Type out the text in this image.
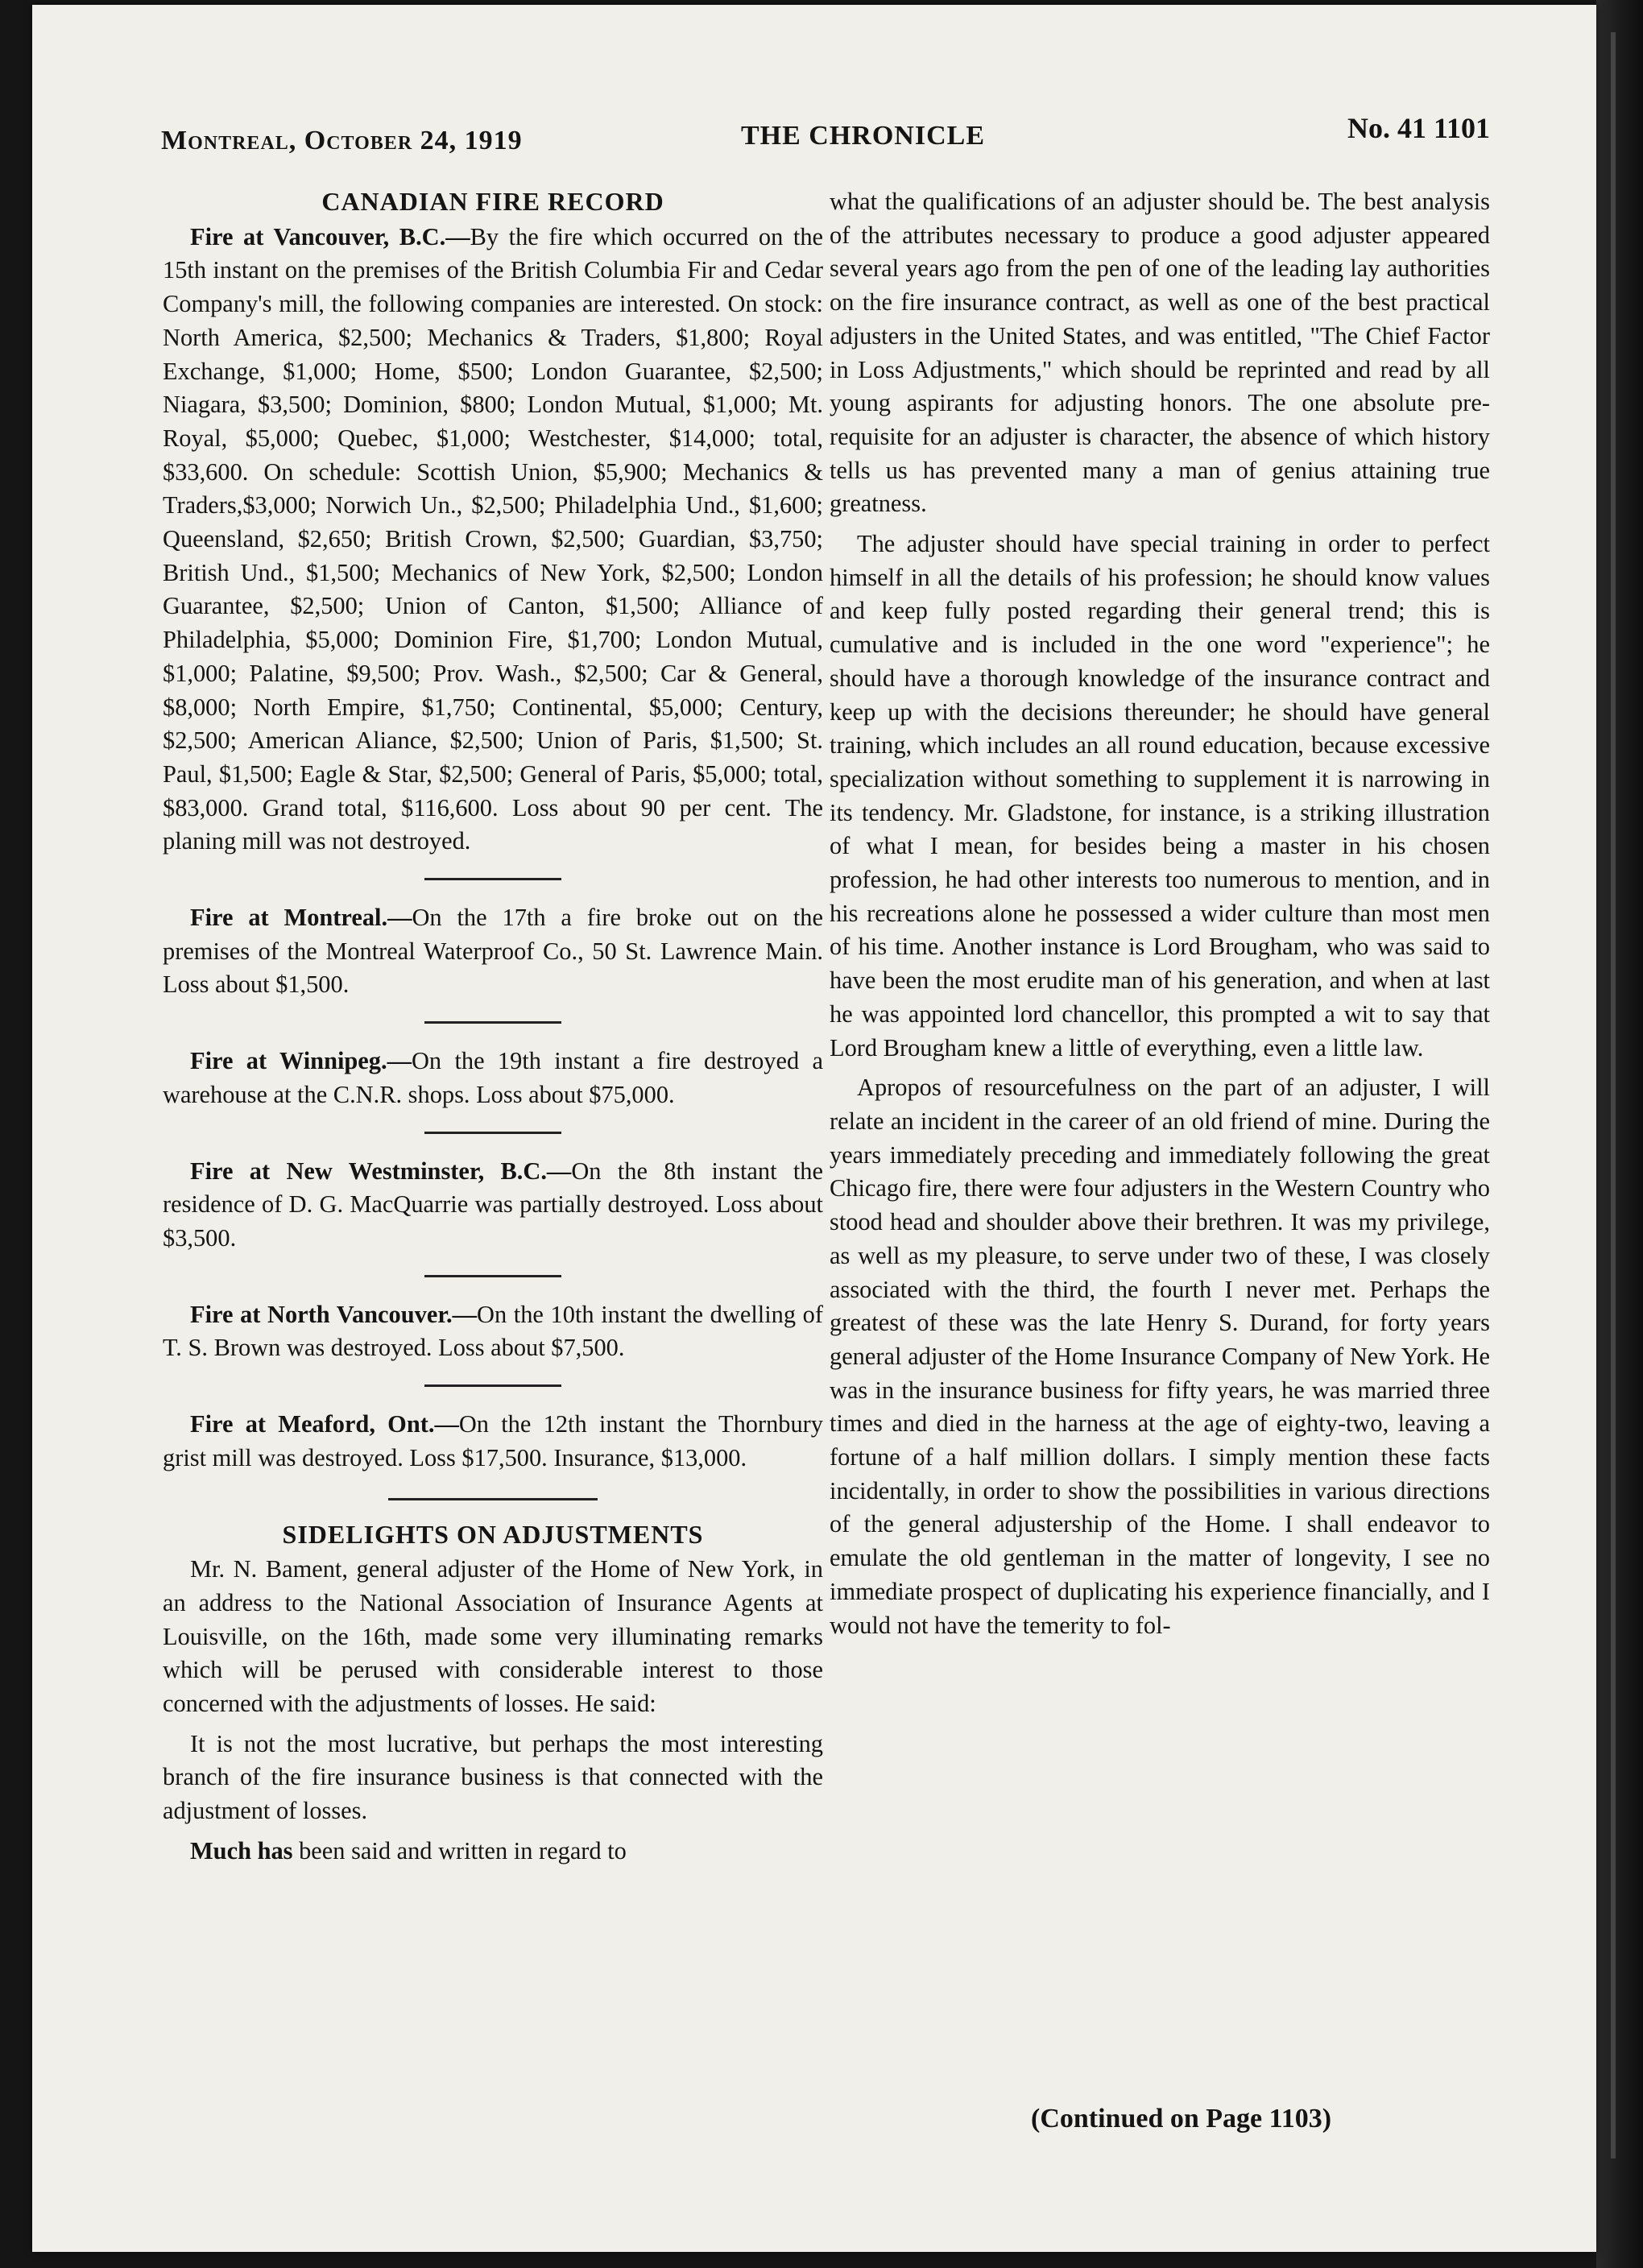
Montreal, October 24, 1919	THE CHRONICLE	No. 41 1101
CANADIAN FIRE RECORD

Fire at Vancouver, B.C.—By the fire which occurred on the 15th instant on the premises of the British Columbia Fir and Cedar Company's mill, the following companies are interested. On stock: North America, $2,500; Mechanics & Traders, $1,800; Royal Exchange, $1,000; Home, $500; London Guarantee, $2,500; Niagara, $3,500; Dominion, $800; London Mutual, $1,000; Mt. Royal, $5,000; Quebec, $1,000; Westchester, $14,000; total, $33,600. On schedule: Scottish Union, $5,900; Mechanics & Traders,$3,000; Norwich Un., $2,500; Philadelphia Und., $1,600; Queensland, $2,650; British Crown, $2,500; Guardian, $3,750; British Und., $1,500; Mechanics of New York, $2,500; London Guarantee, $2,500; Union of Canton, $1,500; Alliance of Philadelphia, $5,000; Dominion Fire, $1,700; London Mutual, $1,000; Palatine, $9,500; Prov. Wash., $2,500; Car & General, $8,000; North Empire, $1,750; Continental, $5,000; Century, $2,500; American Aliance, $2,500; Union of Paris, $1,500; St. Paul, $1,500; Eagle & Star, $2,500; General of Paris, $5,000; total, $83,000. Grand total, $116,600. Loss about 90 per cent. The planing mill was not destroyed.

Fire at Montreal.—On the 17th a fire broke out on the premises of the Montreal Waterproof Co., 50 St. Lawrence Main. Loss about $1,500.

Fire at Winnipeg.—On the 19th instant a fire destroyed a warehouse at the C.N.R. shops. Loss about $75,000.

Fire at New Westminster, B.C.—On the 8th instant the residence of D. G. MacQuarrie was partially destroyed. Loss about $3,500.

Fire at North Vancouver.—On the 10th instant the dwelling of T. S. Brown was destroyed. Loss about $7,500.

Fire at Meaford, Ont.—On the 12th instant the Thornbury grist mill was destroyed. Loss $17,500. Insurance, $13,000.

SIDELIGHTS ON ADJUSTMENTS

Mr. N. Bament, general adjuster of the Home of New York, in an address to the National Association of Insurance Agents at Louisville, on the 16th, made some very illuminating remarks which will be perused with considerable interest to those concerned with the adjustments of losses. He said:

It is not the most lucrative, but perhaps the most interesting branch of the fire insurance business is that connected with the adjustment of losses.

Much has been said and written in regard to

what the qualifications of an adjuster should be. The best analysis of the attributes necessary to produce a good adjuster appeared several years ago from the pen of one of the leading lay authorities on the fire insurance contract, as well as one of the best practical adjusters in the United States, and was entitled, "The Chief Factor in Loss Adjustments," which should be reprinted and read by all young aspirants for adjusting honors. The one absolute pre-requisite for an adjuster is character, the absence of which history tells us has prevented many a man of genius attaining true greatness.

The adjuster should have special training in order to perfect himself in all the details of his profession; he should know values and keep fully posted regarding their general trend; this is cumulative and is included in the one word "experience"; he should have a thorough knowledge of the insurance contract and keep up with the decisions thereunder; he should have general training, which includes an all round education, because excessive specialization without something to supplement it is narrowing in its tendency. Mr. Gladstone, for instance, is a striking illustration of what I mean, for besides being a master in his chosen profession, he had other interests too numerous to mention, and in his recreations alone he possessed a wider culture than most men of his time. Another instance is Lord Brougham, who was said to have been the most erudite man of his generation, and when at last he was appointed lord chancellor, this prompted a wit to say that Lord Brougham knew a little of everything, even a little law.

Apropos of resourcefulness on the part of an adjuster, I will relate an incident in the career of an old friend of mine. During the years immediately preceding and immediately following the great Chicago fire, there were four adjusters in the Western Country who stood head and shoulder above their brethren. It was my privilege, as well as my pleasure, to serve under two of these, I was closely associated with the third, the fourth I never met. Perhaps the greatest of these was the late Henry S. Durand, for forty years general adjuster of the Home Insurance Company of New York. He was in the insurance business for fifty years, he was married three times and died in the harness at the age of eighty-two, leaving a fortune of a half million dollars. I simply mention these facts incidentally, in order to show the possibilities in various directions of the general adjustership of the Home. I shall endeavor to emulate the old gentleman in the matter of longevity, I see no immediate prospect of duplicating his experience financially, and I would not have the temerity to fol-

(Continued on Page 1103)
